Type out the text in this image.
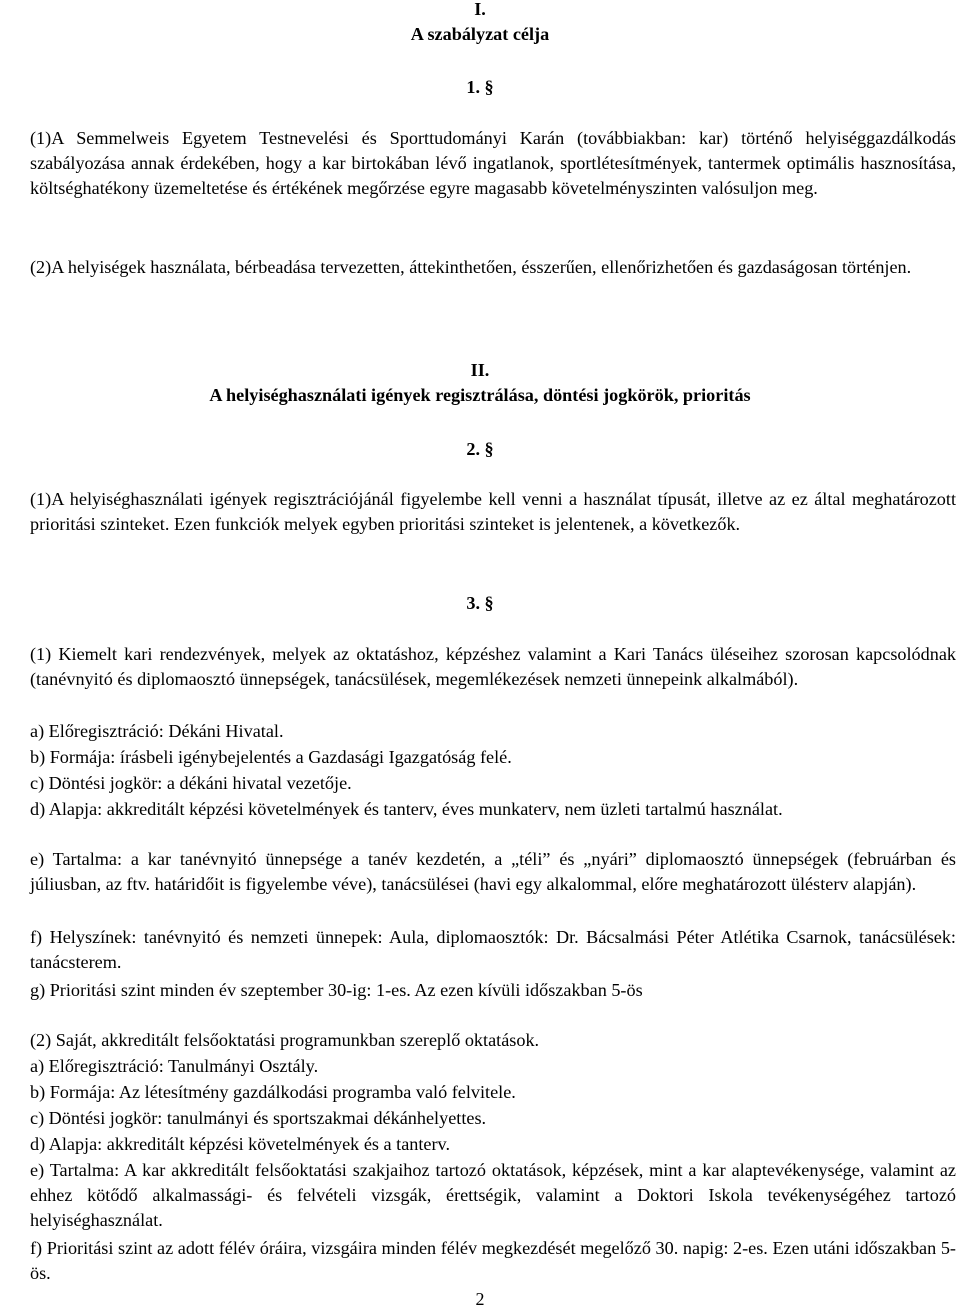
I.

A szabályzat célja

1. §

(1)A Semmelweis Egyetem Testnevelési és Sporttudományi Karán (továbbiakban: kar) történő helyiséggazdálkodás szabályozása annak érdekében, hogy a kar birtokában lévő ingatlanok, sportlétesítmények, tantermek optimális hasznosítása, költséghatékony üzemeltetése és értékének megőrzése egyre magasabb követelményszinten valósuljon meg.

(2)A helyiségek használata, bérbeadása tervezetten, áttekinthetően, ésszerűen, ellenőrizhetően és gazdaságosan történjen.

II.

A helyiséghasználati igények regisztrálása, döntési jogkörök, prioritás

2. §

(1)A helyiséghasználati igények regisztrációjánál figyelembe kell venni a használat típusát, illetve az ez által meghatározott prioritási szinteket. Ezen funkciók melyek egyben prioritási szinteket is jelentenek, a következők.

3. §

(1) Kiemelt kari rendezvények, melyek az oktatáshoz, képzéshez valamint a Kari Tanács üléseihez szorosan kapcsolódnak (tanévnyitó és diplomaosztó ünnepségek, tanácsülések, megemlékezések nemzeti ünnepeink alkalmából).

a) Előregisztráció: Dékáni Hivatal.

b) Formája: írásbeli igénybejelentés a Gazdasági Igazgatóság felé.

c) Döntési jogkör: a dékáni hivatal vezetője.

d) Alapja: akkreditált képzési követelmények és tanterv, éves munkaterv, nem üzleti tartalmú használat.

e) Tartalma: a kar tanévnyitó ünnepsége a tanév kezdetén, a „téli” és „nyári” diplomaosztó ünnepségek (februárban és júliusban, az ftv. határidőit is figyelembe véve), tanácsülései (havi egy alkalommal, előre meghatározott ülésterv alapján).

f) Helyszínek: tanévnyitó és nemzeti ünnepek: Aula, diplomaosztók: Dr. Bácsalmási Péter Atlétika Csarnok, tanácsülések: tanácsterem.

g) Prioritási szint minden év szeptember 30-ig: 1-es. Az ezen kívüli időszakban 5-ös

(2) Saját, akkreditált felsőoktatási programunkban szereplő oktatások.

a) Előregisztráció: Tanulmányi Osztály.

b) Formája: Az létesítmény gazdálkodási programba való felvitele.

c) Döntési jogkör: tanulmányi és sportszakmai dékánhelyettes.

d) Alapja: akkreditált képzési követelmények és a tanterv.

e) Tartalma: A kar akkreditált felsőoktatási szakjaihoz tartozó oktatások, képzések, mint a kar alaptevékenysége, valamint az ehhez kötődő alkalmassági- és felvételi vizsgák, érettségik, valamint a Doktori Iskola tevékenységéhez tartozó helyiséghasználat.

f) Prioritási szint az adott félév óráira, vizsgáira minden félév megkezdését megelőző 30. napig: 2-es. Ezen utáni időszakban 5-ös.

2
